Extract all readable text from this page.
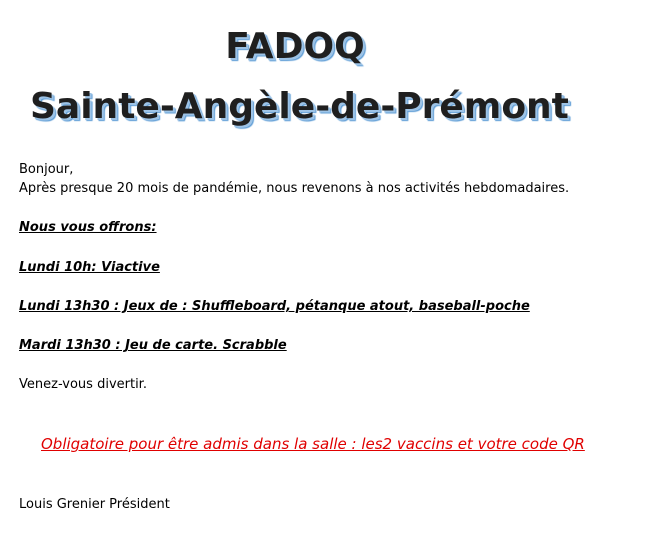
FADOQ
Sainte-Angèle-de-Prémont

Bonjour,

Après presque 20 mois de pandémie, nous revenons à nos activités hebdomadaires.

Nous vous offrons:

Lundi 10h: Viactive

Lundi 13h30 : Jeux de : Shuffleboard, pétanque atout, baseball-poche

Mardi 13h30 : Jeu de carte. Scrabble

Venez-vous divertir.

Obligatoire pour être admis dans la salle : les2 vaccins et votre code QR

Louis Grenier Président
